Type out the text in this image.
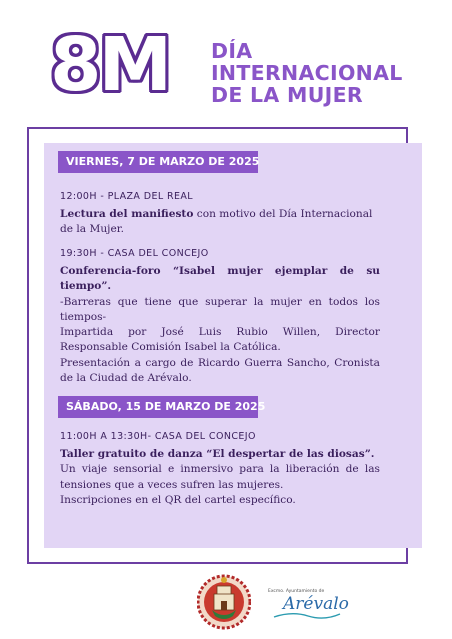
8M DÍA
INTERNACIONAL
DE LA MUJER
VIERNES, 7 DE MARZO DE 2025
12:00H - PLAZA DEL REAL
Lectura del manifiesto con motivo del Día Internacional
de la Mujer.
19:30H - CASA DEL CONCEJO
Conferencia-foro “Isabel mujer ejemplar de su
tiempo”.
-Barreras que tiene que superar la mujer en todos los
tiempos-
Impartida por José Luis Rubio Willen, Director
Responsable Comisión Isabel la Católica.
Presentación a cargo de Ricardo Guerra Sancho, Cronista
de la Ciudad de Arévalo.
SÁBADO, 15 DE MARZO DE 2025
11:00H A 13:30H- CASA DEL CONCEJO
Taller gratuito de danza “El despertar de las diosas”.
Un viaje sensorial e inmersivo para la liberación de las
tensiones que a veces sufren las mujeres.
Inscripciones en el QR del cartel específico.
Excmo. Ayuntamiento de
Arévalo
